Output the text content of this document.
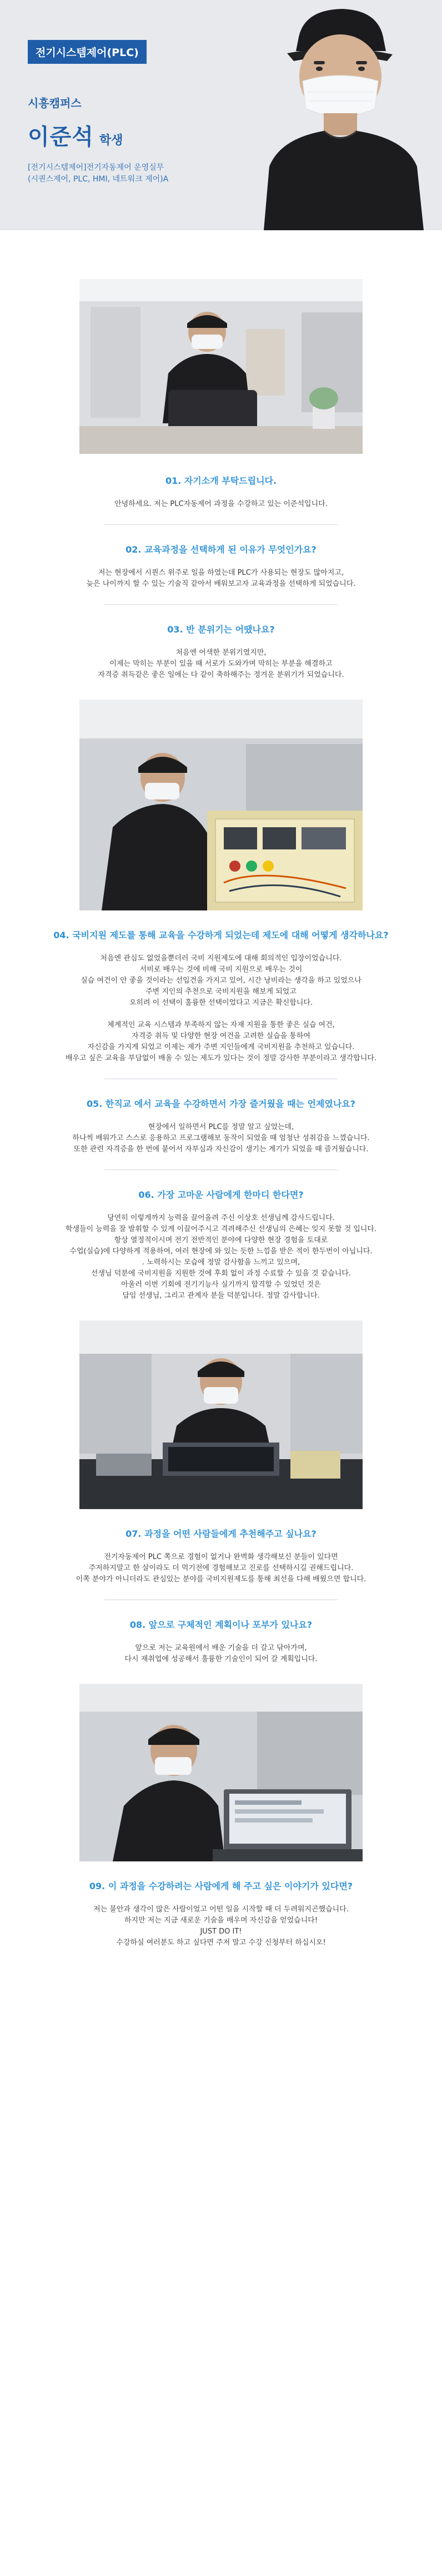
전기시스템제어(PLC)
시흥캠퍼스
이준석 학생
[전기시스템제어]전기자동제어 운영실무
(시퀀스제어, PLC, HMI, 네트워크 제어)A
01. 자기소개 부탁드립니다.

안녕하세요. 저는 PLC자동제어 과정을 수강하고 있는 이준석입니다.

02. 교육과정을 선택하게 된 이유가 무엇인가요?

저는 현장에서 시퀀스 위주로 일을 하였는데 PLC가 사용되는 현장도 많아지고,

늦은 나이까지 할 수 있는 기술직 같아서 배워보고자 교육과정을 선택하게 되었습니다.

03. 반 분위기는 어땠나요?

처음엔 어색한 분위기였지만,

이제는 막히는 부분이 있을 때 서로가 도와가며 막히는 부분을 해결하고

자격증 취득같은 좋은 일에는 다 같이 축하해주는 정겨운 분위기가 되었습니다.

04. 국비지원 제도를 통해 교육을 수강하게 되었는데 제도에 대해 어떻게 생각하나요?

처음엔 관심도 없었을뿐더러 국비 지원제도에 대해 회의적인 입장이었습니다.

서비로 배우는 것에 비해 국비 지원으로 배우는 것이

실습 여건이 안 좋을 것이라는 선입견을 가지고 있어, 시간 낭비라는 생각을 하고 있었으나

주변 지인의 추천으로 국비지원을 해보게 되었고

오히려 이 선택이 훌륭한 선택이었다고 지금은 확신합니다.

체계적인 교육 시스템과 부족하지 않는 자재 지원을 통한 좋은 실습 여건,

자격증 취득 및 다양한 현장 여건을 고려한 실습을 통하여

자신감을 가지게 되었고 이제는 제가 주변 지인들에게 국비지원을 추천하고 있습니다.

배우고 싶은 교육을 부담없이 배울 수 있는 제도가 있다는 것이 정말 감사한 부분이라고 생각합니다.

05. 한직교 에서 교육을 수강하면서 가장 즐거웠을 때는 언제였나요?

현장에서 일하면서 PLC를 정말 알고 싶었는데,

하나씩 배워가고 스스로 응용하고 프로그램해보 동작이 되었을 때 엄청난 성취감을 느꼈습니다.

또한 관련 자격증을 한 번에 붙어서 자부심과 자신감이 생기는 계기가 되었을 때 즐거웠습니다.

06. 가장 고마운 사람에게 한마디 한다면?

당연히 이렇게까지 능력을 끌어올려 주신 이상호 선생님께 감사드립니다.

학생들이 능력을 잘 발휘할 수 있게 이끌어주시고 격려해주신 선생님의 은혜는 잊지 못할 것 입니다.

항상 열정적이시며 전기 전반적인 분야에 다양한 현장 경험을 토대로

수업(실습)에 다양하게 적용하여, 여러 현장에 와 있는 듯한 느낌을 받은 적이 한두번이 아닙니다.

. 노력하시는 모습에 정말 감사함을 느끼고 있으며,

선생님 덕분에 국비지원을 지원한 것에 후회 없이 과정 수료할 수 있을 것 같습니다.

아울러 이번 기회에 전기기능사 실기까지 합격할 수 있었던 것은

담임 선생님, 그리고 관계자 분들 덕분입니다. 정말 감사합니다.

07. 과정을 어떤 사람들에게 추천해주고 싶나요?

전기자동제어 PLC 쪽으로 경험이 없거나 완벽화 생각해보신 분들이 있다면

주저하지말고 한 살이라도 더 먹기전에 경험해보고 진로를 선택하시길 권해드립니다.

이쪽 분야가 아니더라도 관심있는 분야를 국비지원제도를 통해 최선을 다해 배웠으면 합니다.

08. 앞으로 구체적인 계획이나 포부가 있나요?

앞으로 저는 교육원에서 배운 기술을 더 갈고 닦아가며,

다시 재취업에 성공해서 훌륭한 기술인이 되어 갈 계획입니다.

09. 이 과정을 수강하려는 사람에게 해 주고 싶은 이야기가 있다면?

저는 불안과 생각이 많은 사람이었고 어떤 일을 시작할 때 더 두려워지곤했습니다.

하지만 저는 지금 새로운 기술을 배우며 자신감을 얻었습니다!

JUST DO IT!

수강하실 여러분도 하고 싶다면 주저 말고 수강 신청부터 하십시오!
